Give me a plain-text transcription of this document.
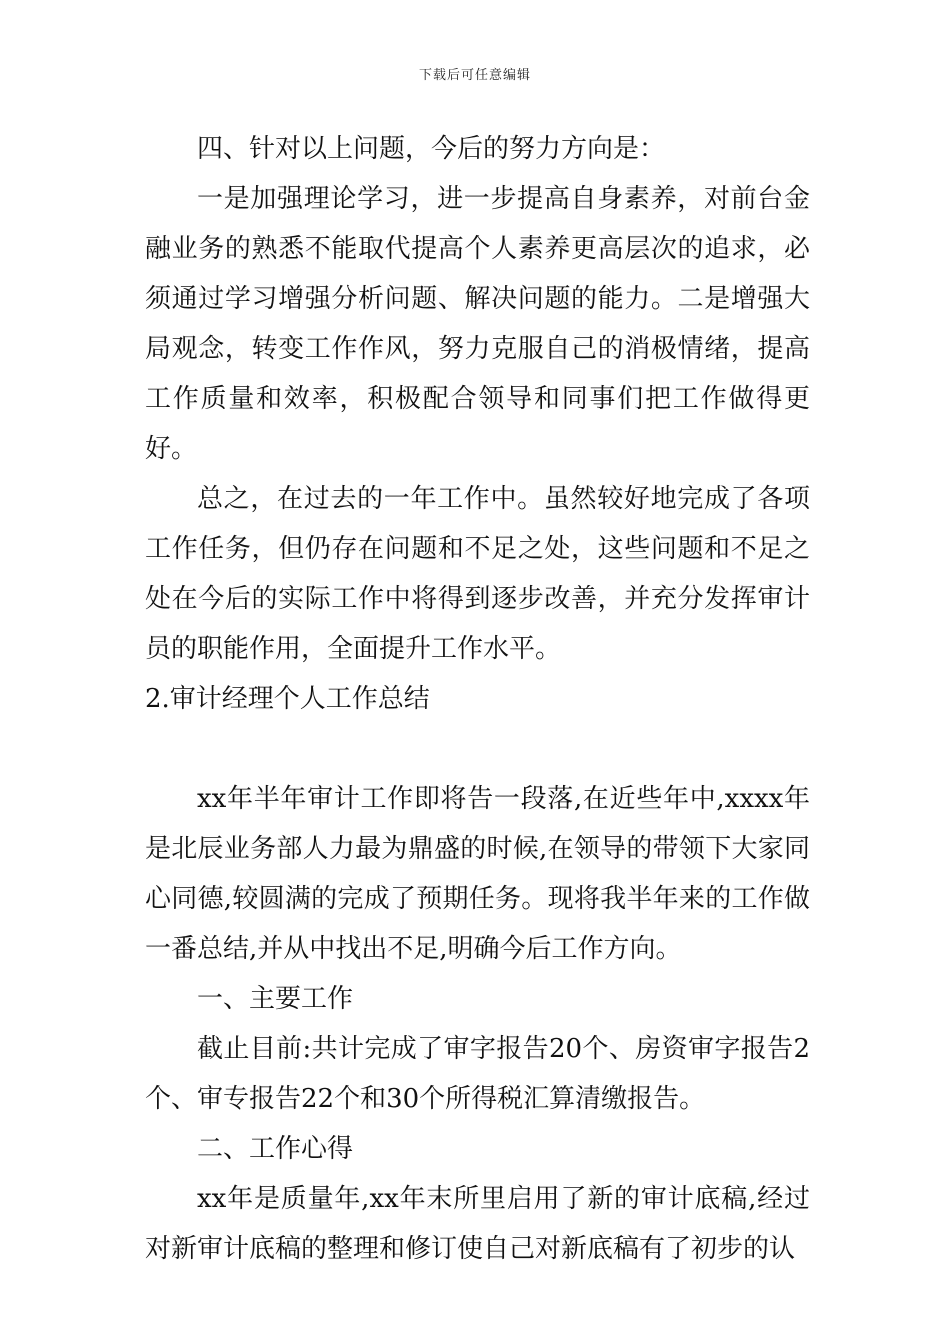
下载后可任意编辑

四、针对以上问题，今后的努力方向是：

一是加强理论学习，进一步提高自身素养，对前台金融业务的熟悉不能取代提高个人素养更高层次的追求，必须通过学习增强分析问题、解决问题的能力。二是增强大局观念，转变工作作风，努力克服自己的消极情绪，提高工作质量和效率，积极配合领导和同事们把工作做得更好。

总之，在过去的一年工作中。虽然较好地完成了各项工作任务，但仍存在问题和不足之处，这些问题和不足之处在今后的实际工作中将得到逐步改善，并充分发挥审计员的职能作用，全面提升工作水平。

2.审计经理个人工作总结

xx年半年审计工作即将告一段落,在近些年中,xxxx年是北辰业务部人力最为鼎盛的时候,在领导的带领下大家同心同德,较圆满的完成了预期任务。现将我半年来的工作做一番总结,并从中找出不足,明确今后工作方向。

一、主要工作

截止目前:共计完成了审字报告20个、房资审字报告2个、审专报告22个和30个所得税汇算清缴报告。

二、工作心得

xx年是质量年,xx年末所里启用了新的审计底稿,经过对新审计底稿的整理和修订使自己对新底稿有了初步的认
